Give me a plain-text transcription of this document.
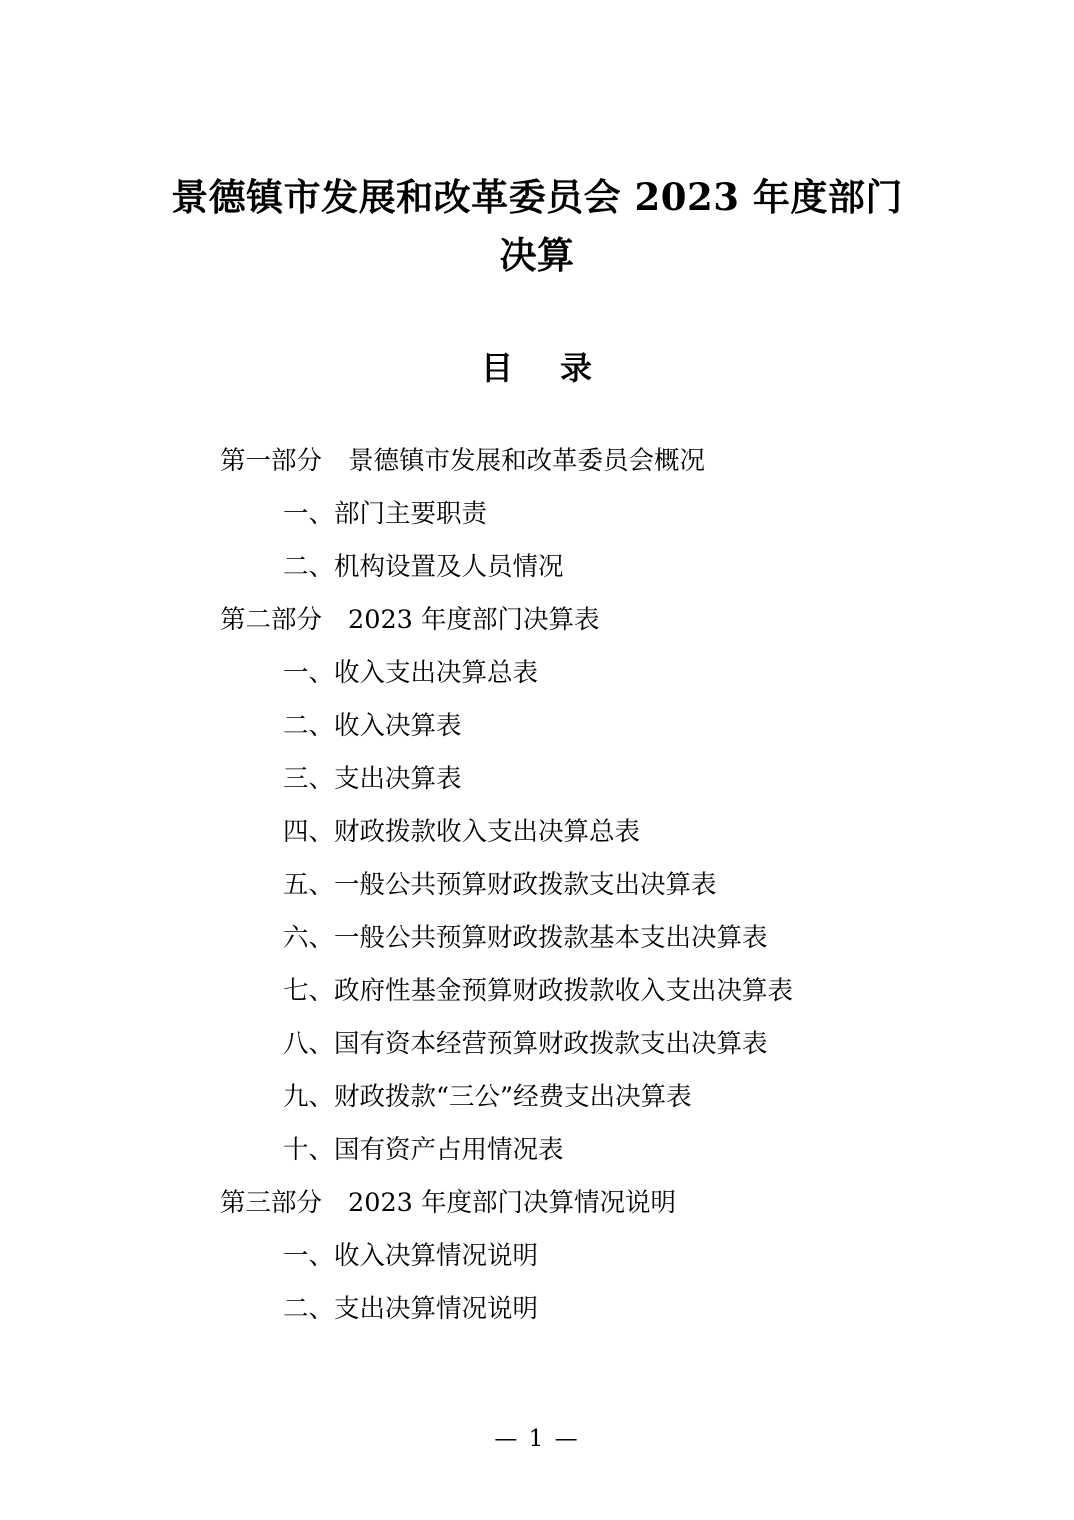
景德镇市发展和改革委员会 2023 年度部门决算
目 录
第一部分 景德镇市发展和改革委员会概况
一、部门主要职责
二、机构设置及人员情况
第二部分 2023 年度部门决算表
一、收入支出决算总表
二、收入决算表
三、支出决算表
四、财政拨款收入支出决算总表
五、一般公共预算财政拨款支出决算表
六、一般公共预算财政拨款基本支出决算表
七、政府性基金预算财政拨款收入支出决算表
八、国有资本经营预算财政拨款支出决算表
九、财政拨款“三公”经费支出决算表
十、国有资产占用情况表
第三部分 2023 年度部门决算情况说明
一、收入决算情况说明
二、支出决算情况说明
— 1 —
